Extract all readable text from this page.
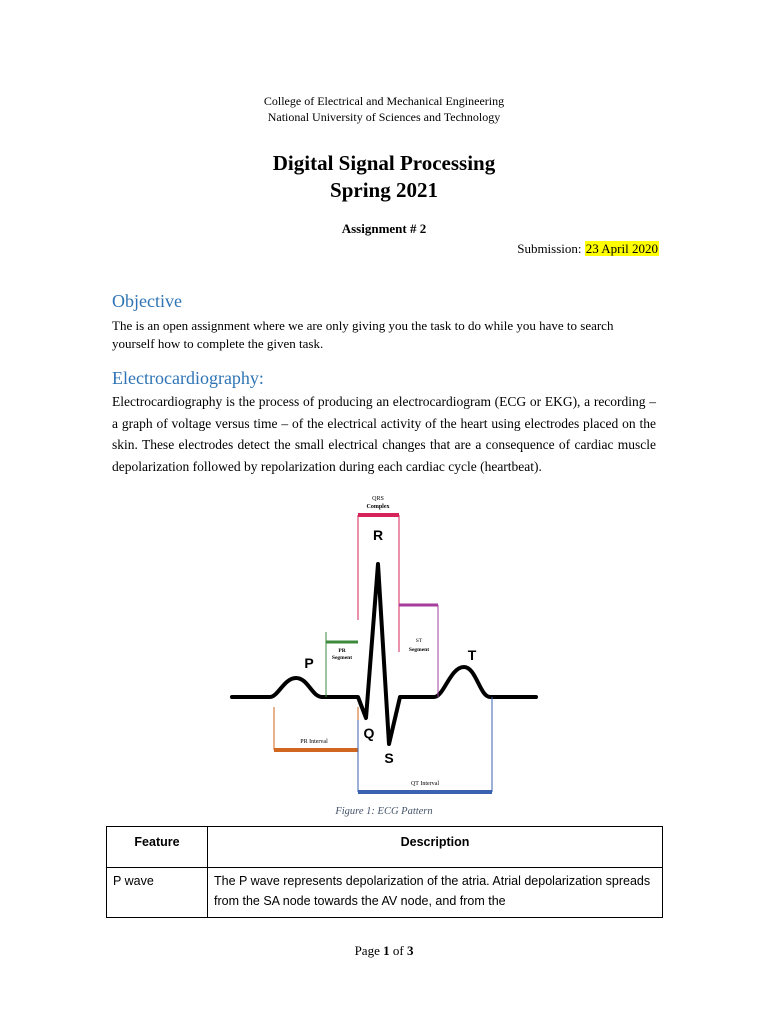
College of Electrical and Mechanical Engineering
National University of Sciences and Technology
Digital Signal Processing
Spring 2021
Assignment # 2
Submission: 23 April 2020
Objective
The is an open assignment where we are only giving you the task to do while you have to search yourself how to complete the given task.
Electrocardiography:
Electrocardiography is the process of producing an electrocardiogram (ECG or EKG), a recording – a graph of voltage versus time – of the electrical activity of the heart using electrodes placed on the skin. These electrodes detect the small electrical changes that are a consequence of cardiac muscle depolarization followed by repolarization during each cardiac cycle (heartbeat).
QRS
Complex
PR
Segment
ST
Segment
PR Interval
QT Interval
R
P	T
Q
S
Figure 1: ECG Pattern
Feature	Description
P wave	The P wave represents depolarization of the atria. Atrial depolarization spreads from the SA node towards the AV node, and from the
Page 1 of 3
